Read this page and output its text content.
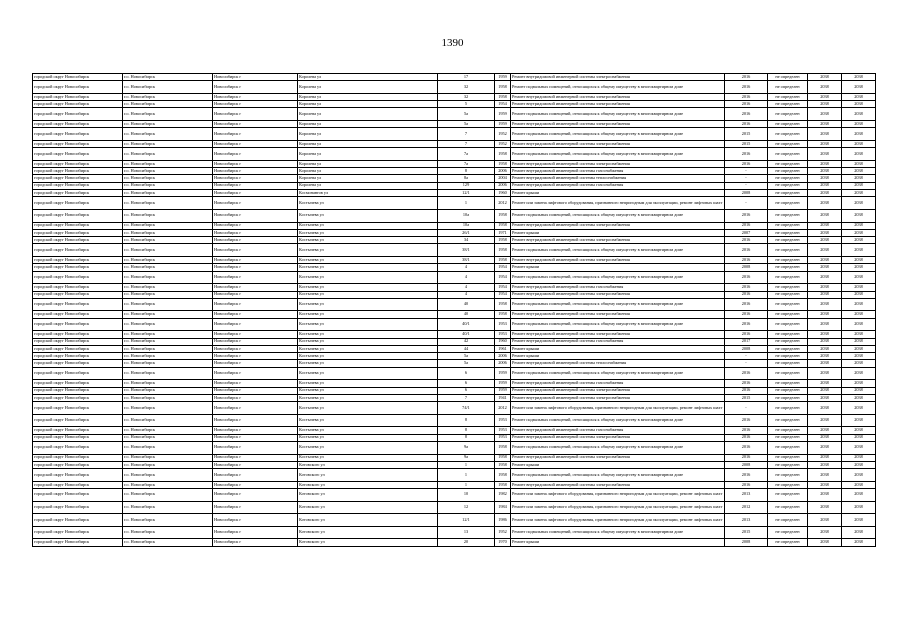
1390
городской округ Новосибирск	г.о. Новосибирск	Новосибирск г	Королева ул	17	1959	Ремонт внутридомовой инженерной системы электроснабжения	2016	не определен	2038	2038
городской округ Новосибирск	г.о. Новосибирск	Новосибирск г	Королева ул	32	1958	Ремонт подвальных помещений, относящихся к общему имуществу в многоквартирном доме	2016	не определен	2038	2038
городской округ Новосибирск	г.о. Новосибирск	Новосибирск г	Королева ул	32	1958	Ремонт внутридомовой инженерной системы электроснабжения	2016	не определен	2038	2038
городской округ Новосибирск	г.о. Новосибирск	Новосибирск г	Королева ул	5	1954	Ремонт внутридомовой инженерной системы электроснабжения	2016	не определен	2038	2038
городской округ Новосибирск	г.о. Новосибирск	Новосибирск г	Королева ул	5а	1959	Ремонт подвальных помещений, относящихся к общему имуществу в многоквартирном доме	2016	не определен	2038	2038
городской округ Новосибирск	г.о. Новосибирск	Новосибирск г	Королева ул	5а	1959	Ремонт внутридомовой инженерной системы электроснабжения	2016	не определен	2038	2038
городской округ Новосибирск	г.о. Новосибирск	Новосибирск г	Королева ул	7	1952	Ремонт подвальных помещений, относящихся к общему имуществу в многоквартирном доме	2015	не определен	2038	2038
городской округ Новосибирск	г.о. Новосибирск	Новосибирск г	Королева ул	7	1952	Ремонт внутридомовой инженерной системы электроснабжения	2015	не определен	2038	2038
городской округ Новосибирск	г.о. Новосибирск	Новосибирск г	Королева ул	7а	1958	Ремонт подвальных помещений, относящихся к общему имуществу в многоквартирном доме	2016	не определен	2038	2038
городской округ Новосибирск	г.о. Новосибирск	Новосибирск г	Королева ул	7а	1958	Ремонт внутридомовой инженерной системы электроснабжения	2016	не определен	2038	2038
городской округ Новосибирск	г.о. Новосибирск	Новосибирск г	Королева ул	8	2006	Ремонт внутридомовой инженерной системы газоснабжения	-	не определен	2038	2038
городской округ Новосибирск	г.о. Новосибирск	Новосибирск г	Королева ул	8а	2004	Ремонт внутридомовой инженерной системы теплоснабжения	-	не определен	2038	2038
городской округ Новосибирск	г.о. Новосибирск	Новосибирск г	Королева ул	129	2006	Ремонт внутридомовой инженерной системы газоснабжения	-	не определен	2038	2038
городской округ Новосибирск	г.о. Новосибирск	Новосибирск г	Космонавтов ул	12/1	1960	Ремонт крыши	2008	не определен	2038	2038
городской округ Новосибирск	г.о. Новосибирск	Новосибирск г	Костычева ул	1	2012	Ремонт или замена лифтового оборудования, признанного непригодным для эксплуатации, ремонт лифтовых шахт	-	не определен	2038	2038
городской округ Новосибирск	г.о. Новосибирск	Новосибирск г	Костычева ул	10а	1958	Ремонт подвальных помещений, относящихся к общему имуществу в многоквартирном доме	2016	не определен	2038	2038
городской округ Новосибирск	г.о. Новосибирск	Новосибирск г	Костычева ул	10а	1958	Ремонт внутридомовой инженерной системы электроснабжения	2016	не определен	2038	2038
городской округ Новосибирск	г.о. Новосибирск	Новосибирск г	Костычева ул	26/1	1971	Ремонт крыши	2007	не определен	2038	2038
городской округ Новосибирск	г.о. Новосибирск	Новосибирск г	Костычева ул	34	1958	Ремонт внутридомовой инженерной системы электроснабжения	2016	не определен	2038	2038
городской округ Новосибирск	г.о. Новосибирск	Новосибирск г	Костычева ул	38/1	1958	Ремонт подвальных помещений, относящихся к общему имуществу в многоквартирном доме	2016	не определен	2038	2038
городской округ Новосибирск	г.о. Новосибирск	Новосибирск г	Костычева ул	38/1	1958	Ремонт внутридомовой инженерной системы электроснабжения	2016	не определен	2038	2038
городской округ Новосибирск	г.о. Новосибирск	Новосибирск г	Костычева ул	4	1954	Ремонт крыши	2008	не определен	2038	2038
городской округ Новосибирск	г.о. Новосибирск	Новосибирск г	Костычева ул	4	1954	Ремонт подвальных помещений, относящихся к общему имуществу в многоквартирном доме	2016	не определен	2038	2038
городской округ Новосибирск	г.о. Новосибирск	Новосибирск г	Костычева ул	4	1954	Ремонт внутридомовой инженерной системы газоснабжения	2016	не определен	2038	2038
городской округ Новосибирск	г.о. Новосибирск	Новосибирск г	Костычева ул	4	1954	Ремонт внутридомовой инженерной системы электроснабжения	2016	не определен	2038	2038
городской округ Новосибирск	г.о. Новосибирск	Новосибирск г	Костычева ул	40	1958	Ремонт подвальных помещений, относящихся к общему имуществу в многоквартирном доме	2016	не определен	2038	2038
городской округ Новосибирск	г.о. Новосибирск	Новосибирск г	Костычева ул	40	1958	Ремонт внутридомовой инженерной системы электроснабжения	2016	не определен	2038	2038
городской округ Новосибирск	г.о. Новосибирск	Новосибирск г	Костычева ул	40/1	1953	Ремонт подвальных помещений, относящихся к общему имуществу в многоквартирном доме	2016	не определен	2038	2038
городской округ Новосибирск	г.о. Новосибирск	Новосибирск г	Костычева ул	40/1	1953	Ремонт внутридомовой инженерной системы электроснабжения	2016	не определен	2038	2038
городской округ Новосибирск	г.о. Новосибирск	Новосибирск г	Костычева ул	42	1960	Ремонт внутридомовой инженерной системы газоснабжения	2017	не определен	2038	2038
городской округ Новосибирск	г.о. Новосибирск	Новосибирск г	Костычева ул	44	1961	Ремонт крыши	2008	не определен	2038	2038
городской округ Новосибирск	г.о. Новосибирск	Новосибирск г	Костычева ул	5а	2006	Ремонт крыши	-	не определен	2038	2038
городской округ Новосибирск	г.о. Новосибирск	Новосибирск г	Костычева ул	5а	2006	Ремонт внутридомовой инженерной системы теплоснабжения	-	не определен	2038	2038
городской округ Новосибирск	г.о. Новосибирск	Новосибирск г	Костычева ул	6	1959	Ремонт подвальных помещений, относящихся к общему имуществу в многоквартирном доме	2016	не определен	2038	2038
городской округ Новосибирск	г.о. Новосибирск	Новосибирск г	Костычева ул	6	1959	Ремонт внутридомовой инженерной системы газоснабжения	2016	не определен	2038	2038
городской округ Новосибирск	г.о. Новосибирск	Новосибирск г	Костычева ул	6	1959	Ремонт внутридомовой инженерной системы электроснабжения	2016	не определен	2038	2038
городской округ Новосибирск	г.о. Новосибирск	Новосибирск г	Костычева ул	7	1941	Ремонт внутридомовой инженерной системы электроснабжения	2015	не определен	2038	2038
городской округ Новосибирск	г.о. Новосибирск	Новосибирск г	Костычева ул	74/1	2012	Ремонт или замена лифтового оборудования, признанного непригодным для эксплуатации, ремонт лифтовых шахт	-	не определен	2038	2038
городской округ Новосибирск	г.о. Новосибирск	Новосибирск г	Костычева ул	8	1953	Ремонт подвальных помещений, относящихся к общему имуществу в многоквартирном доме	2016	не определен	2038	2038
городской округ Новосибирск	г.о. Новосибирск	Новосибирск г	Костычева ул	8	1953	Ремонт внутридомовой инженерной системы газоснабжения	2016	не определен	2038	2038
городской округ Новосибирск	г.о. Новосибирск	Новосибирск г	Костычева ул	8	1953	Ремонт внутридомовой инженерной системы электроснабжения	2016	не определен	2038	2038
городской округ Новосибирск	г.о. Новосибирск	Новосибирск г	Костычева ул	9а	1958	Ремонт подвальных помещений, относящихся к общему имуществу в многоквартирном доме	2016	не определен	2038	2038
городской округ Новосибирск	г.о. Новосибирск	Новосибирск г	Костычева ул	9а	1958	Ремонт внутридомовой инженерной системы электроснабжения	2016	не определен	2038	2038
городской округ Новосибирск	г.о. Новосибирск	Новосибирск г	Котовского ул	1	1958	Ремонт крыши	2008	не определен	2038	2038
городской округ Новосибирск	г.о. Новосибирск	Новосибирск г	Котовского ул	1	1958	Ремонт подвальных помещений, относящихся к общему имуществу в многоквартирном доме	2016	не определен	2038	2038
городской округ Новосибирск	г.о. Новосибирск	Новосибирск г	Котовского ул	1	1958	Ремонт внутридомовой инженерной системы электроснабжения	2016	не определен	2038	2038
городской округ Новосибирск	г.о. Новосибирск	Новосибирск г	Котовского ул	10	1982	Ремонт или замена лифтового оборудования, признанного непригодным для эксплуатации, ремонт лифтовых шахт	2013	не определен	2038	2038
городской округ Новосибирск	г.о. Новосибирск	Новосибирск г	Котовского ул	12	1984	Ремонт или замена лифтового оборудования, признанного непригодным для эксплуатации, ремонт лифтовых шахт	2012	не определен	2038	2038
городской округ Новосибирск	г.о. Новосибирск	Новосибирск г	Котовского ул	12/1	1986	Ремонт или замена лифтового оборудования, признанного непригодным для эксплуатации, ремонт лифтовых шахт	2013	не определен	2038	2038
городской округ Новосибирск	г.о. Новосибирск	Новосибирск г	Котовского ул	13	1952	Ремонт подвальных помещений, относящихся к общему имуществу в многоквартирном доме	2015	не определен	2038	2038
городской округ Новосибирск	г.о. Новосибирск	Новосибирск г	Котовского ул	20	1970	Ремонт крыши	2008	не определен	2038	2038
